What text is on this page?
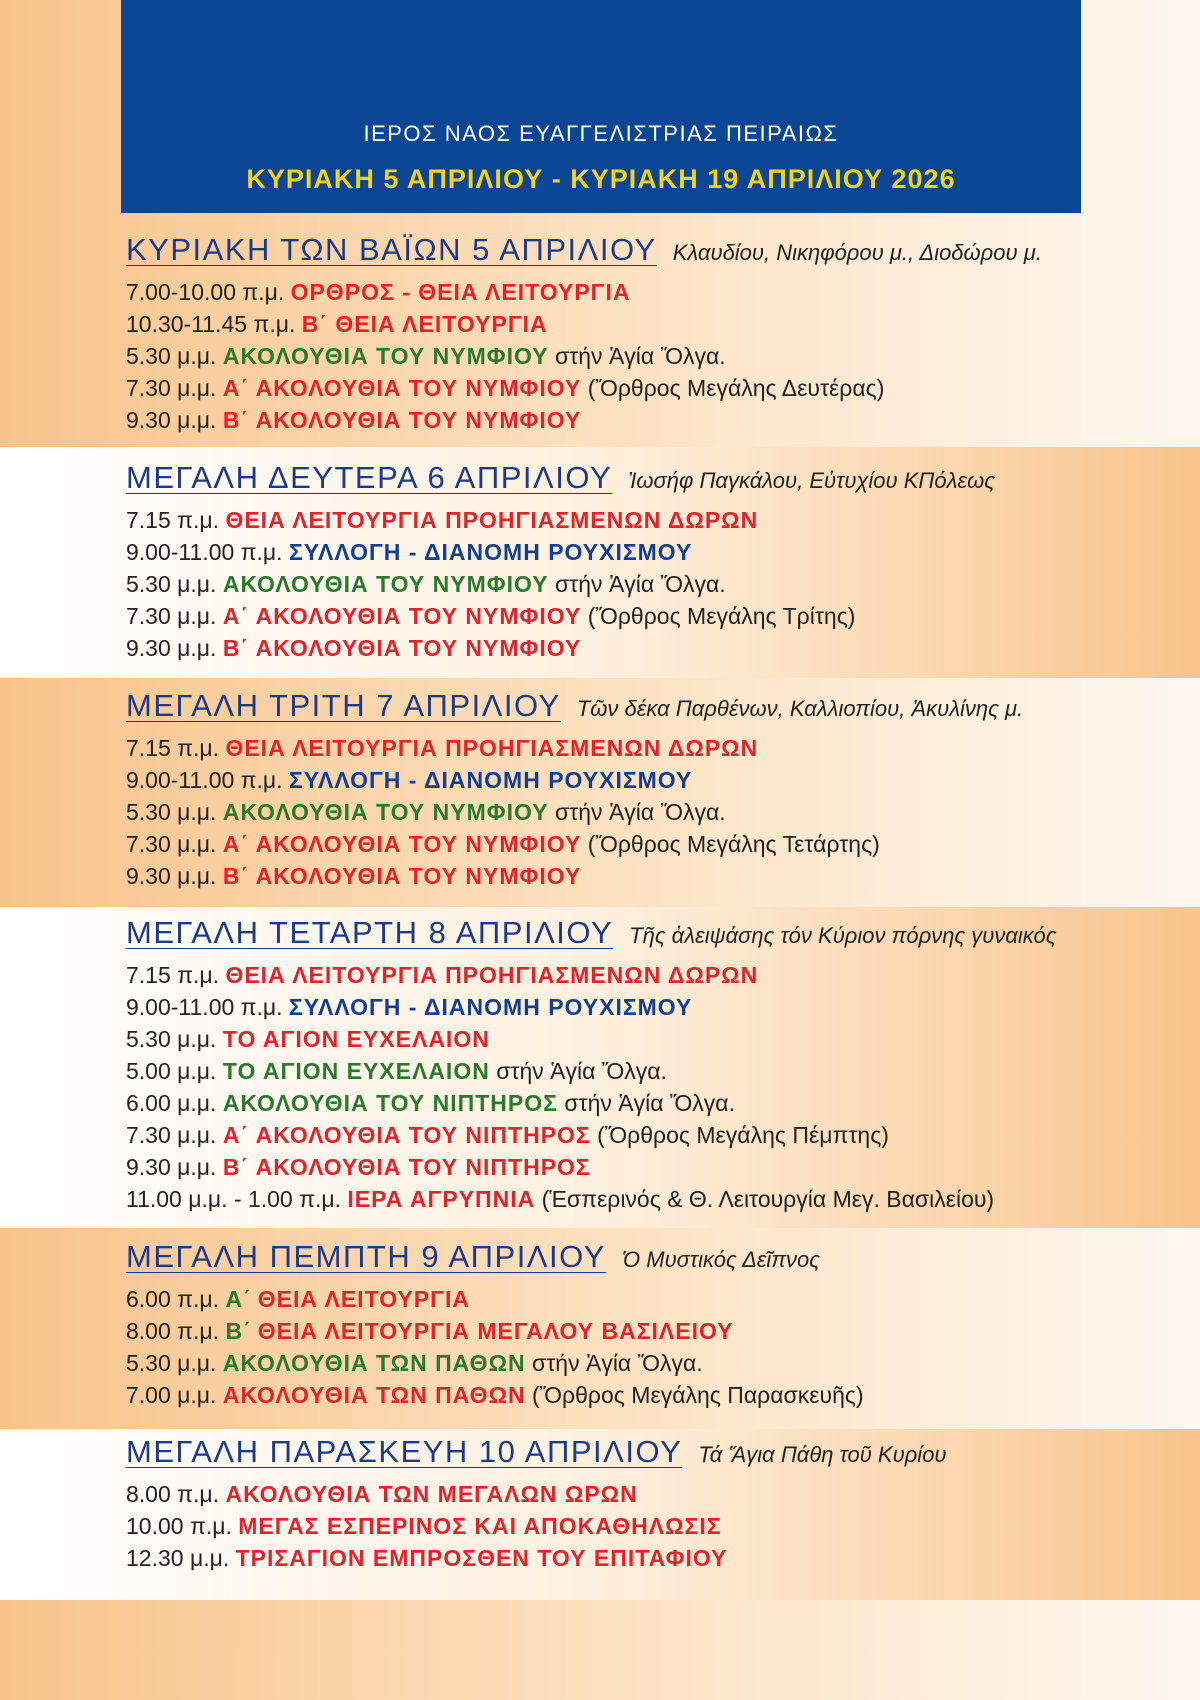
ΙΕΡΟΣ ΝΑΟΣ ΕΥΑΓΓΕΛΙΣΤΡΙΑΣ ΠΕΙΡΑΙΩΣ
ΚΥΡΙΑΚΗ 5 ΑΠΡΙΛΙΟΥ - ΚΥΡΙΑΚΗ 19 ΑΠΡΙΛΙΟΥ 2026
ΚΥΡΙΑΚΗ ΤΩΝ ΒΑΪΩΝ 5 ΑΠΡΙΛΙΟΥ Κλαυδίου, Νικηφόρου μ., Διοδώρου μ.
7.00-10.00 π.μ. ΟΡΘΡΟΣ - ΘΕΙΑ ΛΕΙΤΟΥΡΓΙΑ
10.30-11.45 π.μ. Β΄ ΘΕΙΑ ΛΕΙΤΟΥΡΓΙΑ
5.30 μ.μ. ΑΚΟΛΟΥΘΙΑ ΤΟΥ ΝΥΜΦΙΟΥ στήν Ἁγία Ὄλγα.
7.30 μ.μ. Α΄ ΑΚΟΛΟΥΘΙΑ ΤΟΥ ΝΥΜΦΙΟΥ (Ὄρθρος Μεγάλης Δευτέρας)
9.30 μ.μ. Β΄ ΑΚΟΛΟΥΘΙΑ ΤΟΥ ΝΥΜΦΙΟΥ
ΜΕΓΑΛΗ ΔΕΥΤΕΡΑ 6 ΑΠΡΙΛΙΟΥ Ἰωσήφ Παγκάλου, Εὐτυχίου ΚΠόλεως
7.15 π.μ. ΘΕΙΑ ΛΕΙΤΟΥΡΓΙΑ ΠΡΟΗΓΙΑΣΜΕΝΩΝ ΔΩΡΩΝ
9.00-11.00 π.μ. ΣΥΛΛΟΓΗ - ΔΙΑΝΟΜΗ ΡΟΥΧΙΣΜΟΥ
5.30 μ.μ. ΑΚΟΛΟΥΘΙΑ ΤΟΥ ΝΥΜΦΙΟΥ στήν Ἁγία Ὄλγα.
7.30 μ.μ. Α΄ ΑΚΟΛΟΥΘΙΑ ΤΟΥ ΝΥΜΦΙΟΥ (Ὄρθρος Μεγάλης Τρίτης)
9.30 μ.μ. Β΄ ΑΚΟΛΟΥΘΙΑ ΤΟΥ ΝΥΜΦΙΟΥ
ΜΕΓΑΛΗ ΤΡΙΤΗ 7 ΑΠΡΙΛΙΟΥ Τῶν δέκα Παρθένων, Καλλιοπίου, Ἀκυλίνης μ.
7.15 π.μ. ΘΕΙΑ ΛΕΙΤΟΥΡΓΙΑ ΠΡΟΗΓΙΑΣΜΕΝΩΝ ΔΩΡΩΝ
9.00-11.00 π.μ. ΣΥΛΛΟΓΗ - ΔΙΑΝΟΜΗ ΡΟΥΧΙΣΜΟΥ
5.30 μ.μ. ΑΚΟΛΟΥΘΙΑ ΤΟΥ ΝΥΜΦΙΟΥ στήν Ἁγία Ὄλγα.
7.30 μ.μ. Α΄ ΑΚΟΛΟΥΘΙΑ ΤΟΥ ΝΥΜΦΙΟΥ (Ὄρθρος Μεγάλης Τετάρτης)
9.30 μ.μ. Β΄ ΑΚΟΛΟΥΘΙΑ ΤΟΥ ΝΥΜΦΙΟΥ
ΜΕΓΑΛΗ ΤΕΤΑΡΤΗ 8 ΑΠΡΙΛΙΟΥ Τῆς ἀλειψάσης τόν Κύριον πόρνης γυναικός
7.15 π.μ. ΘΕΙΑ ΛΕΙΤΟΥΡΓΙΑ ΠΡΟΗΓΙΑΣΜΕΝΩΝ ΔΩΡΩΝ
9.00-11.00 π.μ. ΣΥΛΛΟΓΗ - ΔΙΑΝΟΜΗ ΡΟΥΧΙΣΜΟΥ
5.30 μ.μ. ΤΟ ΑΓΙΟΝ ΕΥΧΕΛΑΙΟΝ
5.00 μ.μ. ΤΟ ΑΓΙΟΝ ΕΥΧΕΛΑΙΟΝ στήν Ἁγία Ὄλγα.
6.00 μ.μ. ΑΚΟΛΟΥΘΙΑ ΤΟΥ ΝΙΠΤΗΡΟΣ στήν Ἁγία Ὄλγα.
7.30 μ.μ. Α΄ ΑΚΟΛΟΥΘΙΑ ΤΟΥ ΝΙΠΤΗΡΟΣ (Ὄρθρος Μεγάλης Πέμπτης)
9.30 μ.μ. Β΄ ΑΚΟΛΟΥΘΙΑ ΤΟΥ ΝΙΠΤΗΡΟΣ
11.00 μ.μ. - 1.00 π.μ. ΙΕΡΑ ΑΓΡΥΠΝΙΑ (Ἑσπερινός & Θ. Λειτουργία Μεγ. Βασιλείου)
ΜΕΓΑΛΗ ΠΕΜΠΤΗ 9 ΑΠΡΙΛΙΟΥ Ὁ Μυστικός Δεῖπνος
6.00 π.μ. Α΄ ΘΕΙΑ ΛΕΙΤΟΥΡΓΙΑ
8.00 π.μ. Β΄ ΘΕΙΑ ΛΕΙΤΟΥΡΓΙΑ ΜΕΓΑΛΟΥ ΒΑΣΙΛΕΙΟΥ
5.30 μ.μ. ΑΚΟΛΟΥΘΙΑ ΤΩΝ ΠΑΘΩΝ στήν Ἁγία Ὄλγα.
7.00 μ.μ. ΑΚΟΛΟΥΘΙΑ ΤΩΝ ΠΑΘΩΝ (Ὄρθρος Μεγάλης Παρασκευῆς)
ΜΕΓΑΛΗ ΠΑΡΑΣΚΕΥΗ 10 ΑΠΡΙΛΙΟΥ Τά Ἅγια Πάθη τοῦ Κυρίου
8.00 π.μ. ΑΚΟΛΟΥΘΙΑ ΤΩΝ ΜΕΓΑΛΩΝ ΩΡΩΝ
10.00 π.μ. ΜΕΓΑΣ ΕΣΠΕΡΙΝΟΣ ΚΑΙ ΑΠΟΚΑΘΗΛΩΣΙΣ
12.30 μ.μ. ΤΡΙΣΑΓΙΟΝ ΕΜΠΡΟΣΘΕΝ ΤΟΥ ΕΠΙΤΑΦΙΟΥ
